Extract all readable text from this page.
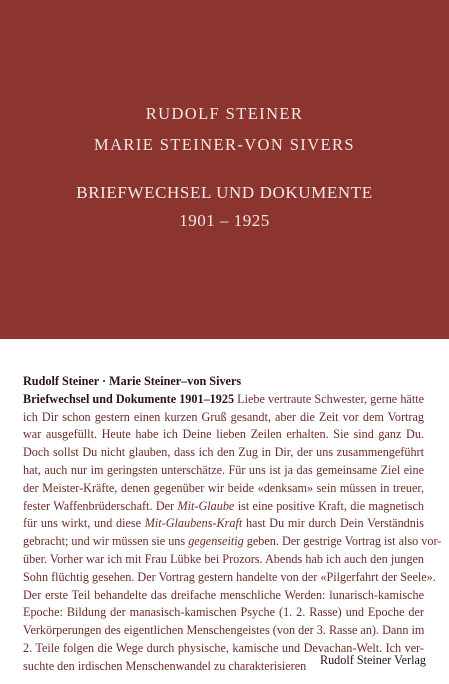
RUDOLF STEINER
MARIE STEINER-VON SIVERS
BRIEFWECHSEL UND DOKUMENTE
1901 – 1925
Rudolf Steiner · Marie Steiner–von Sivers
Briefwechsel und Dokumente 1901–1925 Liebe vertraute Schwester, gerne hätte
ich Dir schon gestern einen kurzen Gruß gesandt, aber die Zeit vor dem Vortrag
war ausgefüllt. Heute habe ich Deine lieben Zeilen erhalten. Sie sind ganz Du.
Doch sollst Du nicht glauben, dass ich den Zug in Dir, der uns zusammengeführt
hat, auch nur im geringsten unterschätze. Für uns ist ja das gemeinsame Ziel eine
der Meister-Kräfte, denen gegenüber wir beide «denksam» sein müssen in treuer,
fester Waffenbrüderschaft. Der Mit-Glaube ist eine positive Kraft, die magnetisch
für uns wirkt, und diese Mit-Glaubens-Kraft hast Du mir durch Dein Verständnis
gebracht; und wir müssen sie uns gegenseitig geben. Der gestrige Vortrag ist also vor-
über. Vorher war ich mit Frau Lübke bei Prozors. Abends hab ich auch den jungen
Sohn flüchtig gesehen. Der Vortrag gestern handelte von der «Pilgerfahrt der Seele».
Der erste Teil behandelte das dreifache menschliche Werden: lunarisch-kamische
Epoche: Bildung der manasisch-kamischen Psyche (1. 2. Rasse) und Epoche der
Verkörperungen des eigentlichen Menschengeistes (von der 3. Rasse an). Dann im
2. Teile folgen die Wege durch physische, kamische und Devachan-Welt. Ich ver-
suchte den irdischen Menschenwandel zu charakterisieren	Rudolf Steiner Verlag
